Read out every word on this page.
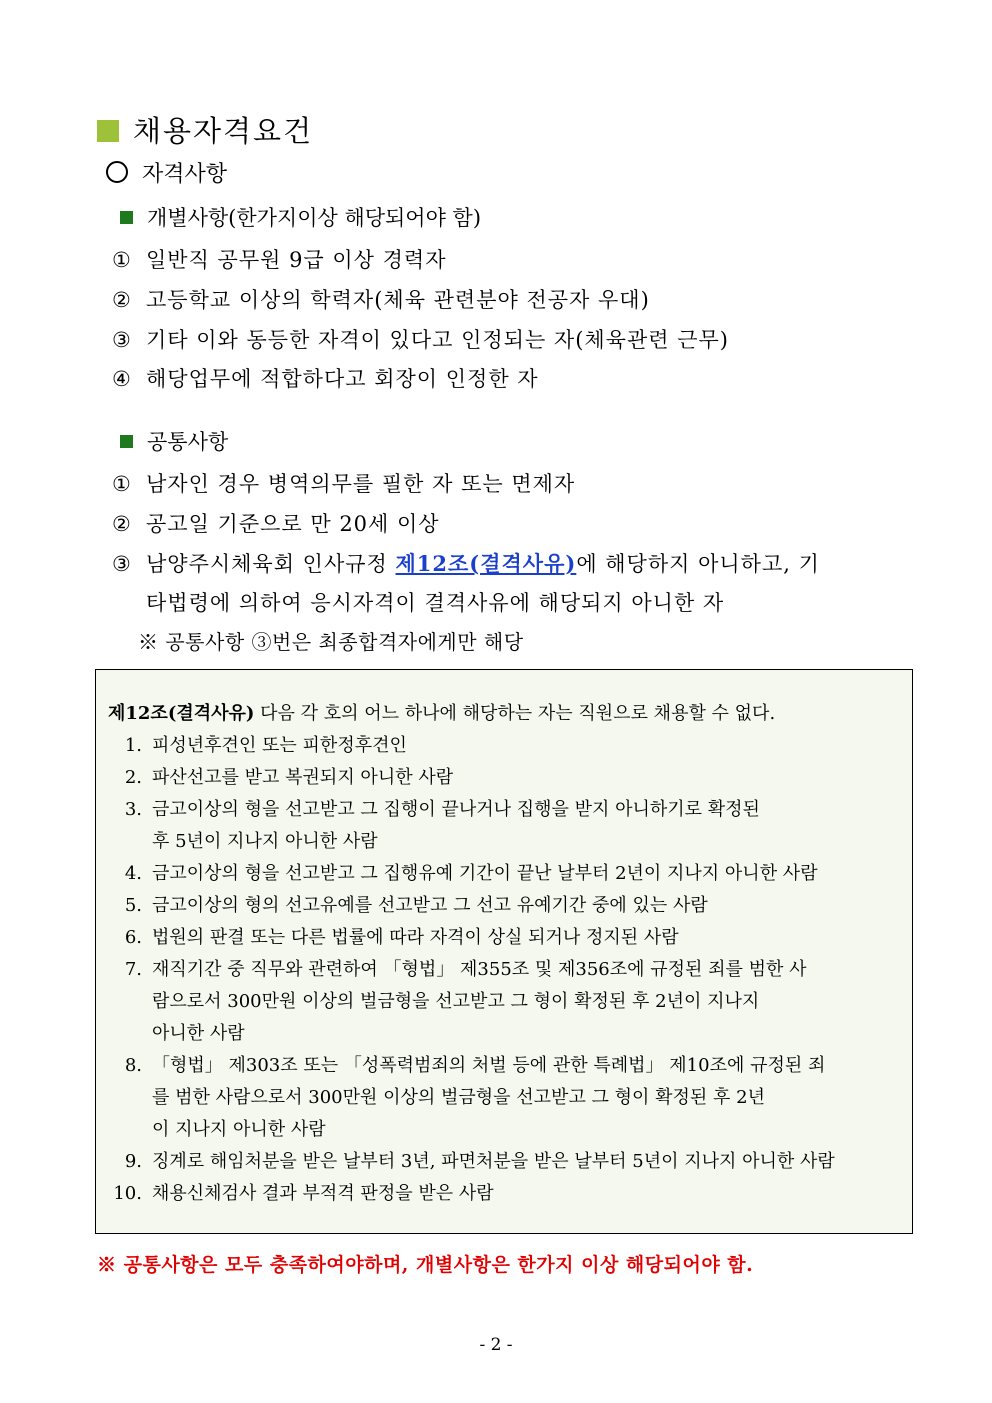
채용자격요건
자격사항
개별사항(한가지이상 해당되어야 함)
① 일반직 공무원 9급 이상 경력자
② 고등학교 이상의 학력자(체육 관련분야 전공자 우대)
③ 기타 이와 동등한 자격이 있다고 인정되는 자(체육관련 근무)
④ 해당업무에 적합하다고 회장이 인정한 자
공통사항
① 남자인 경우 병역의무를 필한 자 또는 면제자
② 공고일 기준으로 만 20세 이상
③ 남양주시체육회 인사규정 제12조(결격사유)에 해당하지 아니하고, 기
타법령에 의하여 응시자격이 결격사유에 해당되지 아니한 자
※ 공통사항 ③번은 최종합격자에게만 해당
제12조(결격사유) 다음 각 호의 어느 하나에 해당하는 자는 직원으로 채용할 수 없다.
1. 피성년후견인 또는 피한정후견인
2. 파산선고를 받고 복권되지 아니한 사람
3. 금고이상의 형을 선고받고 그 집행이 끝나거나 집행을 받지 아니하기로 확정된
후 5년이 지나지 아니한 사람
4. 금고이상의 형을 선고받고 그 집행유예 기간이 끝난 날부터 2년이 지나지 아니한 사람
5. 금고이상의 형의 선고유예를 선고받고 그 선고 유예기간 중에 있는 사람
6. 법원의 판결 또는 다른 법률에 따라 자격이 상실 되거나 정지된 사람
7. 재직기간 중 직무와 관련하여 「형법」 제355조 및 제356조에 규정된 죄를 범한 사
람으로서 300만원 이상의 벌금형을 선고받고 그 형이 확정된 후 2년이 지나지
아니한 사람
8. 「형법」 제303조 또는 「성폭력범죄의 처벌 등에 관한 특례법」 제10조에 규정된 죄
를 범한 사람으로서 300만원 이상의 벌금형을 선고받고 그 형이 확정된 후 2년
이 지나지 아니한 사람
9. 징계로 해임처분을 받은 날부터 3년, 파면처분을 받은 날부터 5년이 지나지 아니한 사람
10. 채용신체검사 결과 부적격 판정을 받은 사람
※ 공통사항은 모두 충족하여야하며, 개별사항은 한가지 이상 해당되어야 함.
- 2 -
